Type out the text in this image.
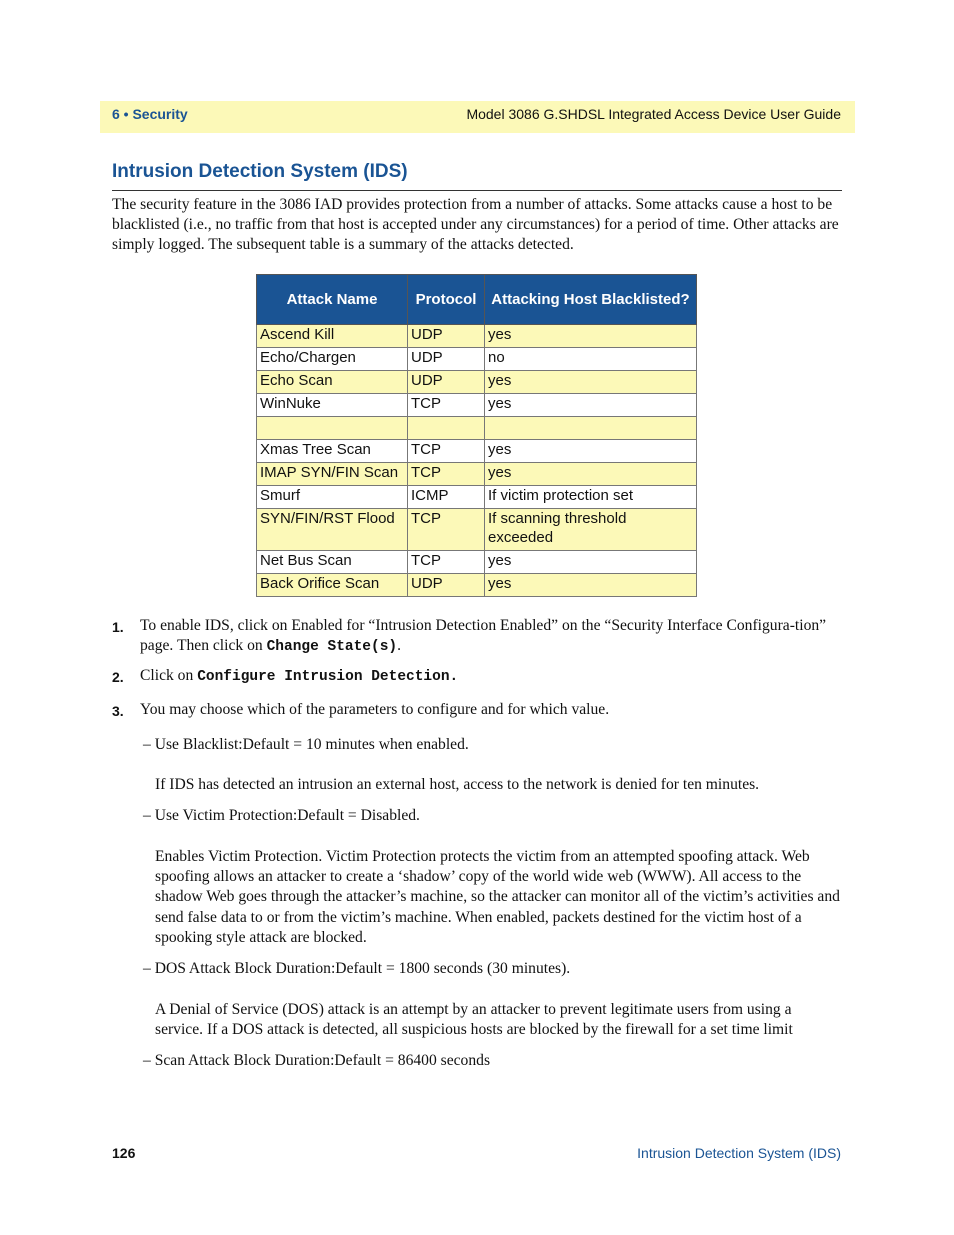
6 • Security	Model 3086 G.SHDSL Integrated Access Device User Guide
Intrusion Detection System (IDS)

The security feature in the 3086 IAD provides protection from a number of attacks. Some attacks cause a host to be blacklisted (i.e., no traffic from that host is accepted under any circumstances) for a period of time. Other attacks are simply logged. The subsequent table is a summary of the attacks detected.

Attack Name	Protocol	Attacking Host Blacklisted?
Ascend Kill	UDP	yes
Echo/Chargen	UDP	no
Echo Scan	UDP	yes
WinNuke	TCP	yes

Xmas Tree Scan	TCP	yes
IMAP SYN/FIN Scan	TCP	yes
Smurf	ICMP	If victim protection set
SYN/FIN/RST Flood	TCP	If scanning threshold exceeded
Net Bus Scan	TCP	yes
Back Orifice Scan	UDP	yes
1. To enable IDS, click on Enabled for “Intrusion Detection Enabled” on the “Security Interface Configura-tion” page. Then click on Change State(s).
2. Click on Configure Intrusion Detection.
3. You may choose which of the parameters to configure and for which value.
– Use Blacklist:Default = 10 minutes when enabled.

If IDS has detected an intrusion an external host, access to the network is denied for ten minutes.

– Use Victim Protection:Default = Disabled.

Enables Victim Protection. Victim Protection protects the victim from an attempted spoofing attack. Web spoofing allows an attacker to create a ‘shadow’ copy of the world wide web (WWW). All access to the shadow Web goes through the attacker’s machine, so the attacker can monitor all of the victim’s activities and send false data to or from the victim’s machine. When enabled, packets destined for the victim host of a spooking style attack are blocked.

– DOS Attack Block Duration:Default = 1800 seconds (30 minutes).

A Denial of Service (DOS) attack is an attempt by an attacker to prevent legitimate users from using a service. If a DOS attack is detected, all suspicious hosts are blocked by the firewall for a set time limit

– Scan Attack Block Duration:Default = 86400 seconds
126	Intrusion Detection System (IDS)
